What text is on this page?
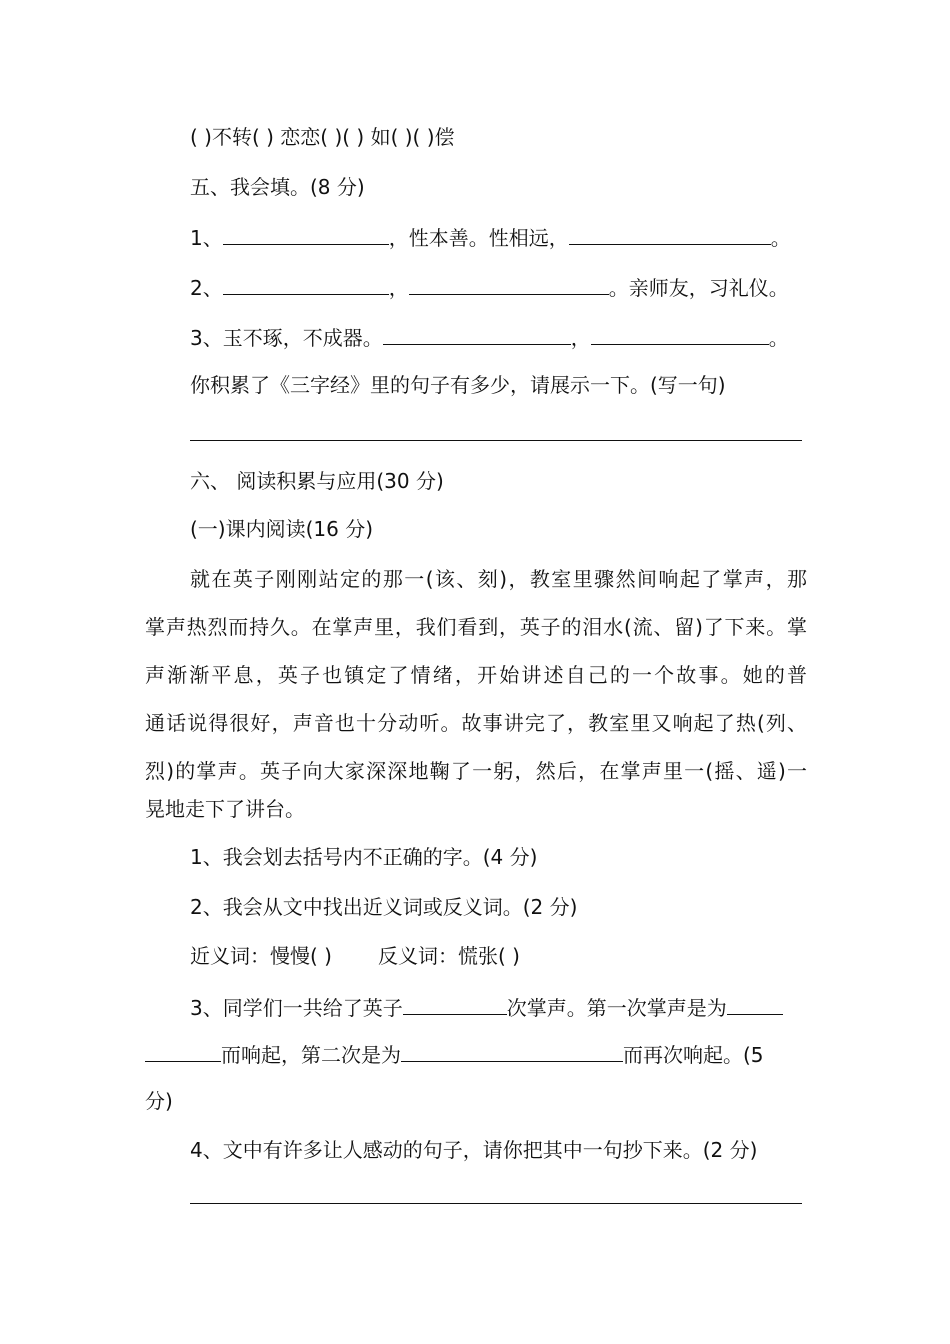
( )不转( ) 恋恋( )( ) 如( )( )偿
五、我会填。(8 分)
1、	，性本善。性相远，	。
2、	，	。亲师友，习礼仪。
3、玉不琢，不成器。	，	。
你积累了《三字经》里的句子有多少，请展示一下。(写一句)
六、 阅读积累与应用(30 分)
(一)课内阅读(16 分)
就在英子刚刚站定的那一(该、刻)，教室里骤然间响起了掌声，那
掌声热烈而持久。在掌声里，我们看到，英子的泪水(流、留)了下来。掌
声渐渐平息，英子也镇定了情绪，开始讲述自己的一个故事。她的普
通话说得很好，声音也十分动听。故事讲完了，教室里又响起了热(列、
烈)的掌声。英子向大家深深地鞠了一躬，然后，在掌声里一(摇、遥)一
晃地走下了讲台。
1、我会划去括号内不正确的字。(4 分)
2、我会从文中找出近义词或反义词。(2 分)
近义词：慢慢( ) 反义词：慌张( )
3、同学们一共给了英子	次掌声。第一次掌声是为
而响起，第二次是为	而再次响起。(5
分)
4、文中有许多让人感动的句子，请你把其中一句抄下来。(2 分)
